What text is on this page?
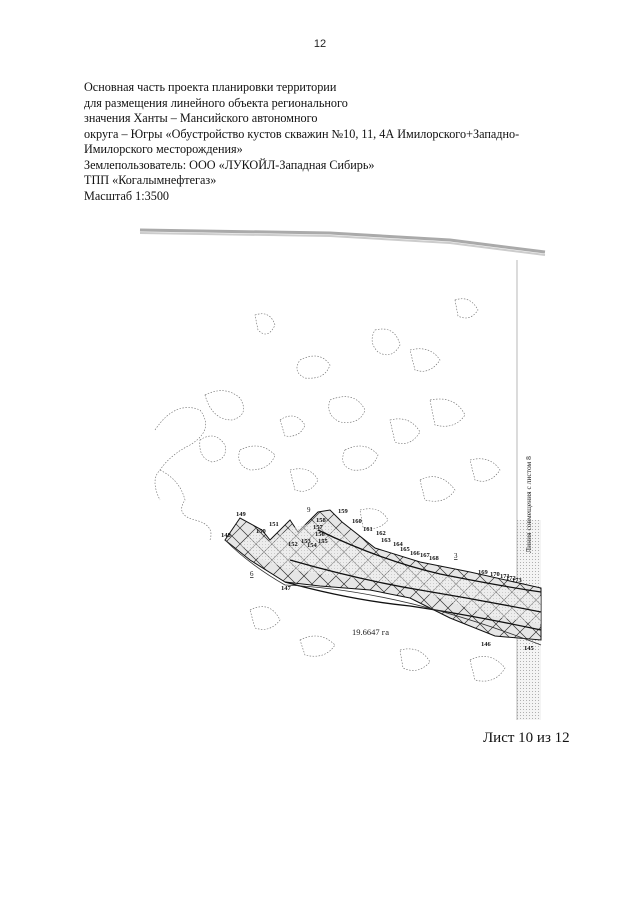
12
Основная часть проекта планировки территории
для размещения линейного объекта регионального
значения Ханты – Мансийского автономного
округа – Югры «Обустройство кустов скважин №10, 11, 4А Имилорского+Западно-
Имилорского месторождения»
Землепользователь: ООО «ЛУКОЙЛ-Западная Сибирь»
ТПП «Когалымнефтегаз»
Масштаб 1:3500
149
148
150
151
152 153
154
155
156
157
158
159
160
161
162
163
164
165
166 167 168
169 170 171
172
173
147
146
145
9
6
3
19.6647 га
Линия совмещения с листом 8
Лист 10 из 12
